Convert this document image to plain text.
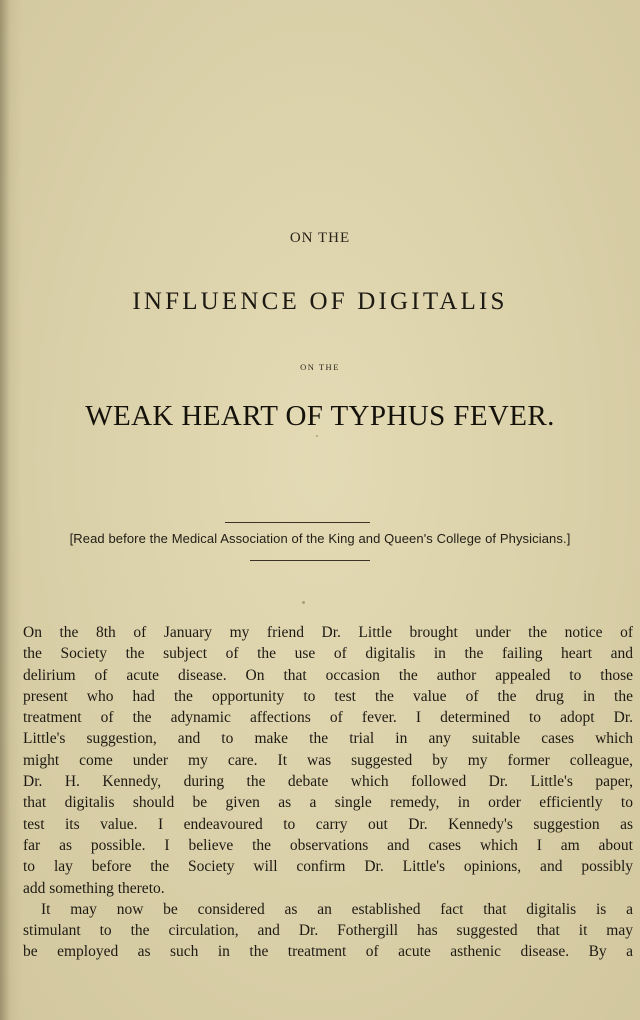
ON THE
INFLUENCE OF DIGITALIS
ON THE
WEAK HEART OF TYPHUS FEVER.
[Read before the Medical Association of the King and Queen's College of Physicians.]
On the 8th of January my friend Dr. Little brought under the notice of
the Society the subject of the use of digitalis in the failing heart and
delirium of acute disease. On that occasion the author appealed to those
present who had the opportunity to test the value of the drug in the
treatment of the adynamic affections of fever. I determined to adopt Dr.
Little's suggestion, and to make the trial in any suitable cases which
might come under my care. It was suggested by my former colleague,
Dr. H. Kennedy, during the debate which followed Dr. Little's paper,
that digitalis should be given as a single remedy, in order efficiently to
test its value. I endeavoured to carry out Dr. Kennedy's suggestion as
far as possible. I believe the observations and cases which I am about
to lay before the Society will confirm Dr. Little's opinions, and possibly
add something thereto.
It may now be considered as an established fact that digitalis is a
stimulant to the circulation, and Dr. Fothergill has suggested that it may
be employed as such in the treatment of acute asthenic disease. By a
